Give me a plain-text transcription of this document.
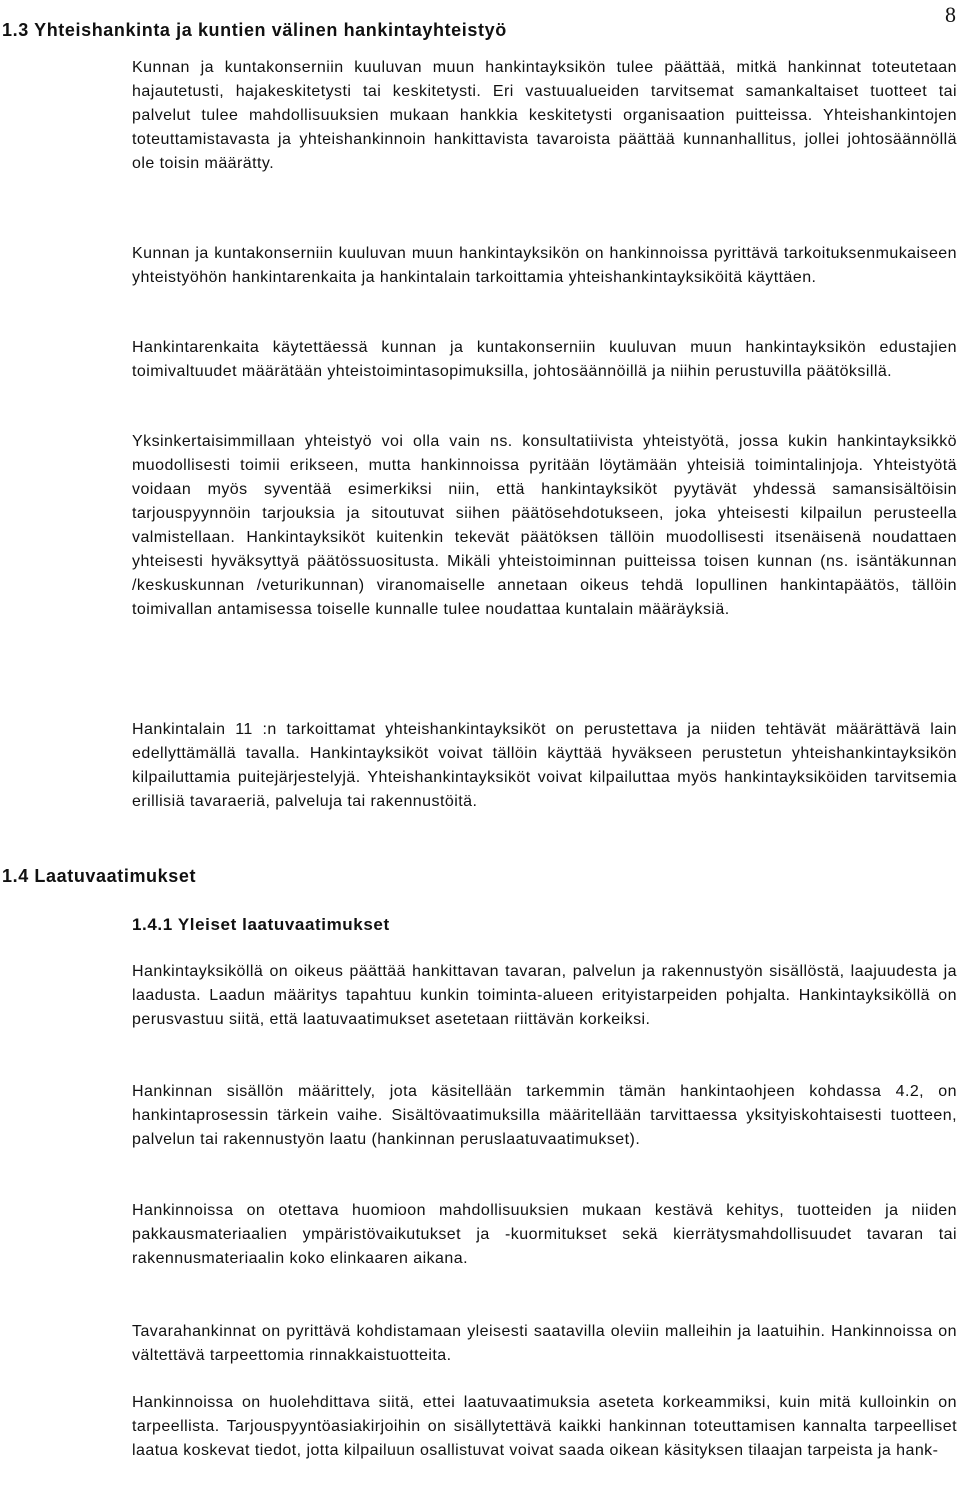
8
1.3 Yhteishankinta ja kuntien välinen hankintayhteistyö

Kunnan ja kuntakonserniin kuuluvan muun hankintayksikön tulee päättää, mitkä hankinnat toteutetaan hajautetusti, hajakeskitetysti tai keskitetysti. Eri vastuualueiden tarvitsemat samankaltaiset tuotteet tai palvelut tulee mahdollisuuksien mukaan hankkia keskitetysti organisaation puitteissa. Yhteishankintojen toteuttamistavasta ja yhteishankinnoin hankittavista tavaroista päättää kunnanhallitus, jollei johtosäännöllä ole toisin määrätty.

Kunnan ja kuntakonserniin kuuluvan muun hankintayksikön on hankinnoissa pyrittävä tarkoituksenmukaiseen yhteistyöhön hankintarenkaita ja hankintalain tarkoittamia yhteishankintayksiköitä käyttäen.

Hankintarenkaita käytettäessä kunnan ja kuntakonserniin kuuluvan muun hankintayksikön edustajien toimivaltuudet määrätään yhteistoimintasopimuksilla, johtosäännöillä ja niihin perustuvilla päätöksillä.

Yksinkertaisimmillaan yhteistyö voi olla vain ns. konsultatiivista yhteistyötä, jossa kukin hankintayksikkö muodollisesti toimii erikseen, mutta hankinnoissa pyritään löytämään yhteisiä toimintalinjoja. Yhteistyötä voidaan myös syventää esimerkiksi niin, että hankintayksiköt pyytävät yhdessä samansisältöisin tarjouspyynnöin tarjouksia ja sitoutuvat siihen päätösehdotukseen, joka yhteisesti kilpailun perusteella valmistellaan. Hankintayksiköt kuitenkin tekevät päätöksen tällöin muodollisesti itsenäisenä noudattaen yhteisesti hyväksyttyä päätössuositusta. Mikäli yhteistoiminnan puitteissa toisen kunnan (ns. isäntäkunnan /keskuskunnan /veturikunnan) viranomaiselle annetaan oikeus tehdä lopullinen hankintapäätös, tällöin toimivallan antamisessa toiselle kunnalle tulee noudattaa kuntalain määräyksiä.

Hankintalain 11 :n tarkoittamat yhteishankintayksiköt on perustettava ja niiden tehtävät määrättävä lain edellyttämällä tavalla. Hankintayksiköt voivat tällöin käyttää hyväkseen perustetun yhteishankintayksikön kilpailuttamia puitejärjestelyjä. Yhteishankintayksiköt voivat kilpailuttaa myös hankintayksiköiden tarvitsemia erillisiä tavaraeriä, palveluja tai rakennustöitä.

1.4 Laatuvaatimukset
1.4.1 Yleiset laatuvaatimukset

Hankintayksiköllä on oikeus päättää hankittavan tavaran, palvelun ja rakennustyön sisällöstä, laajuudesta ja laadusta. Laadun määritys tapahtuu kunkin toiminta-alueen erityistarpeiden pohjalta. Hankintayksiköllä on perusvastuu siitä, että laatuvaatimukset asetetaan riittävän korkeiksi.

Hankinnan sisällön määrittely, jota käsitellään tarkemmin tämän hankintaohjeen kohdassa 4.2, on hankintaprosessin tärkein vaihe. Sisältövaatimuksilla määritellään tarvittaessa yksityiskohtaisesti tuotteen, palvelun tai rakennustyön laatu (hankinnan peruslaatuvaatimukset).

Hankinnoissa on otettava huomioon mahdollisuuksien mukaan kestävä kehitys, tuotteiden ja niiden pakkausmateriaalien ympäristövaikutukset ja -kuormitukset sekä kierrätysmahdollisuudet tavaran tai rakennusmateriaalin koko elinkaaren aikana.

Tavarahankinnat on pyrittävä kohdistamaan yleisesti saatavilla oleviin malleihin ja laatuihin. Hankinnoissa on vältettävä tarpeettomia rinnakkaistuotteita.

Hankinnoissa on huolehdittava siitä, ettei laatuvaatimuksia aseteta korkeammiksi, kuin mitä kulloinkin on tarpeellista. Tarjouspyyntöasiakirjoihin on sisällytettävä kaikki hankinnan toteuttamisen kannalta tarpeelliset laatua koskevat tiedot, jotta kilpailuun osallistuvat voivat saada oikean käsityksen tilaajan tarpeista ja hank-
